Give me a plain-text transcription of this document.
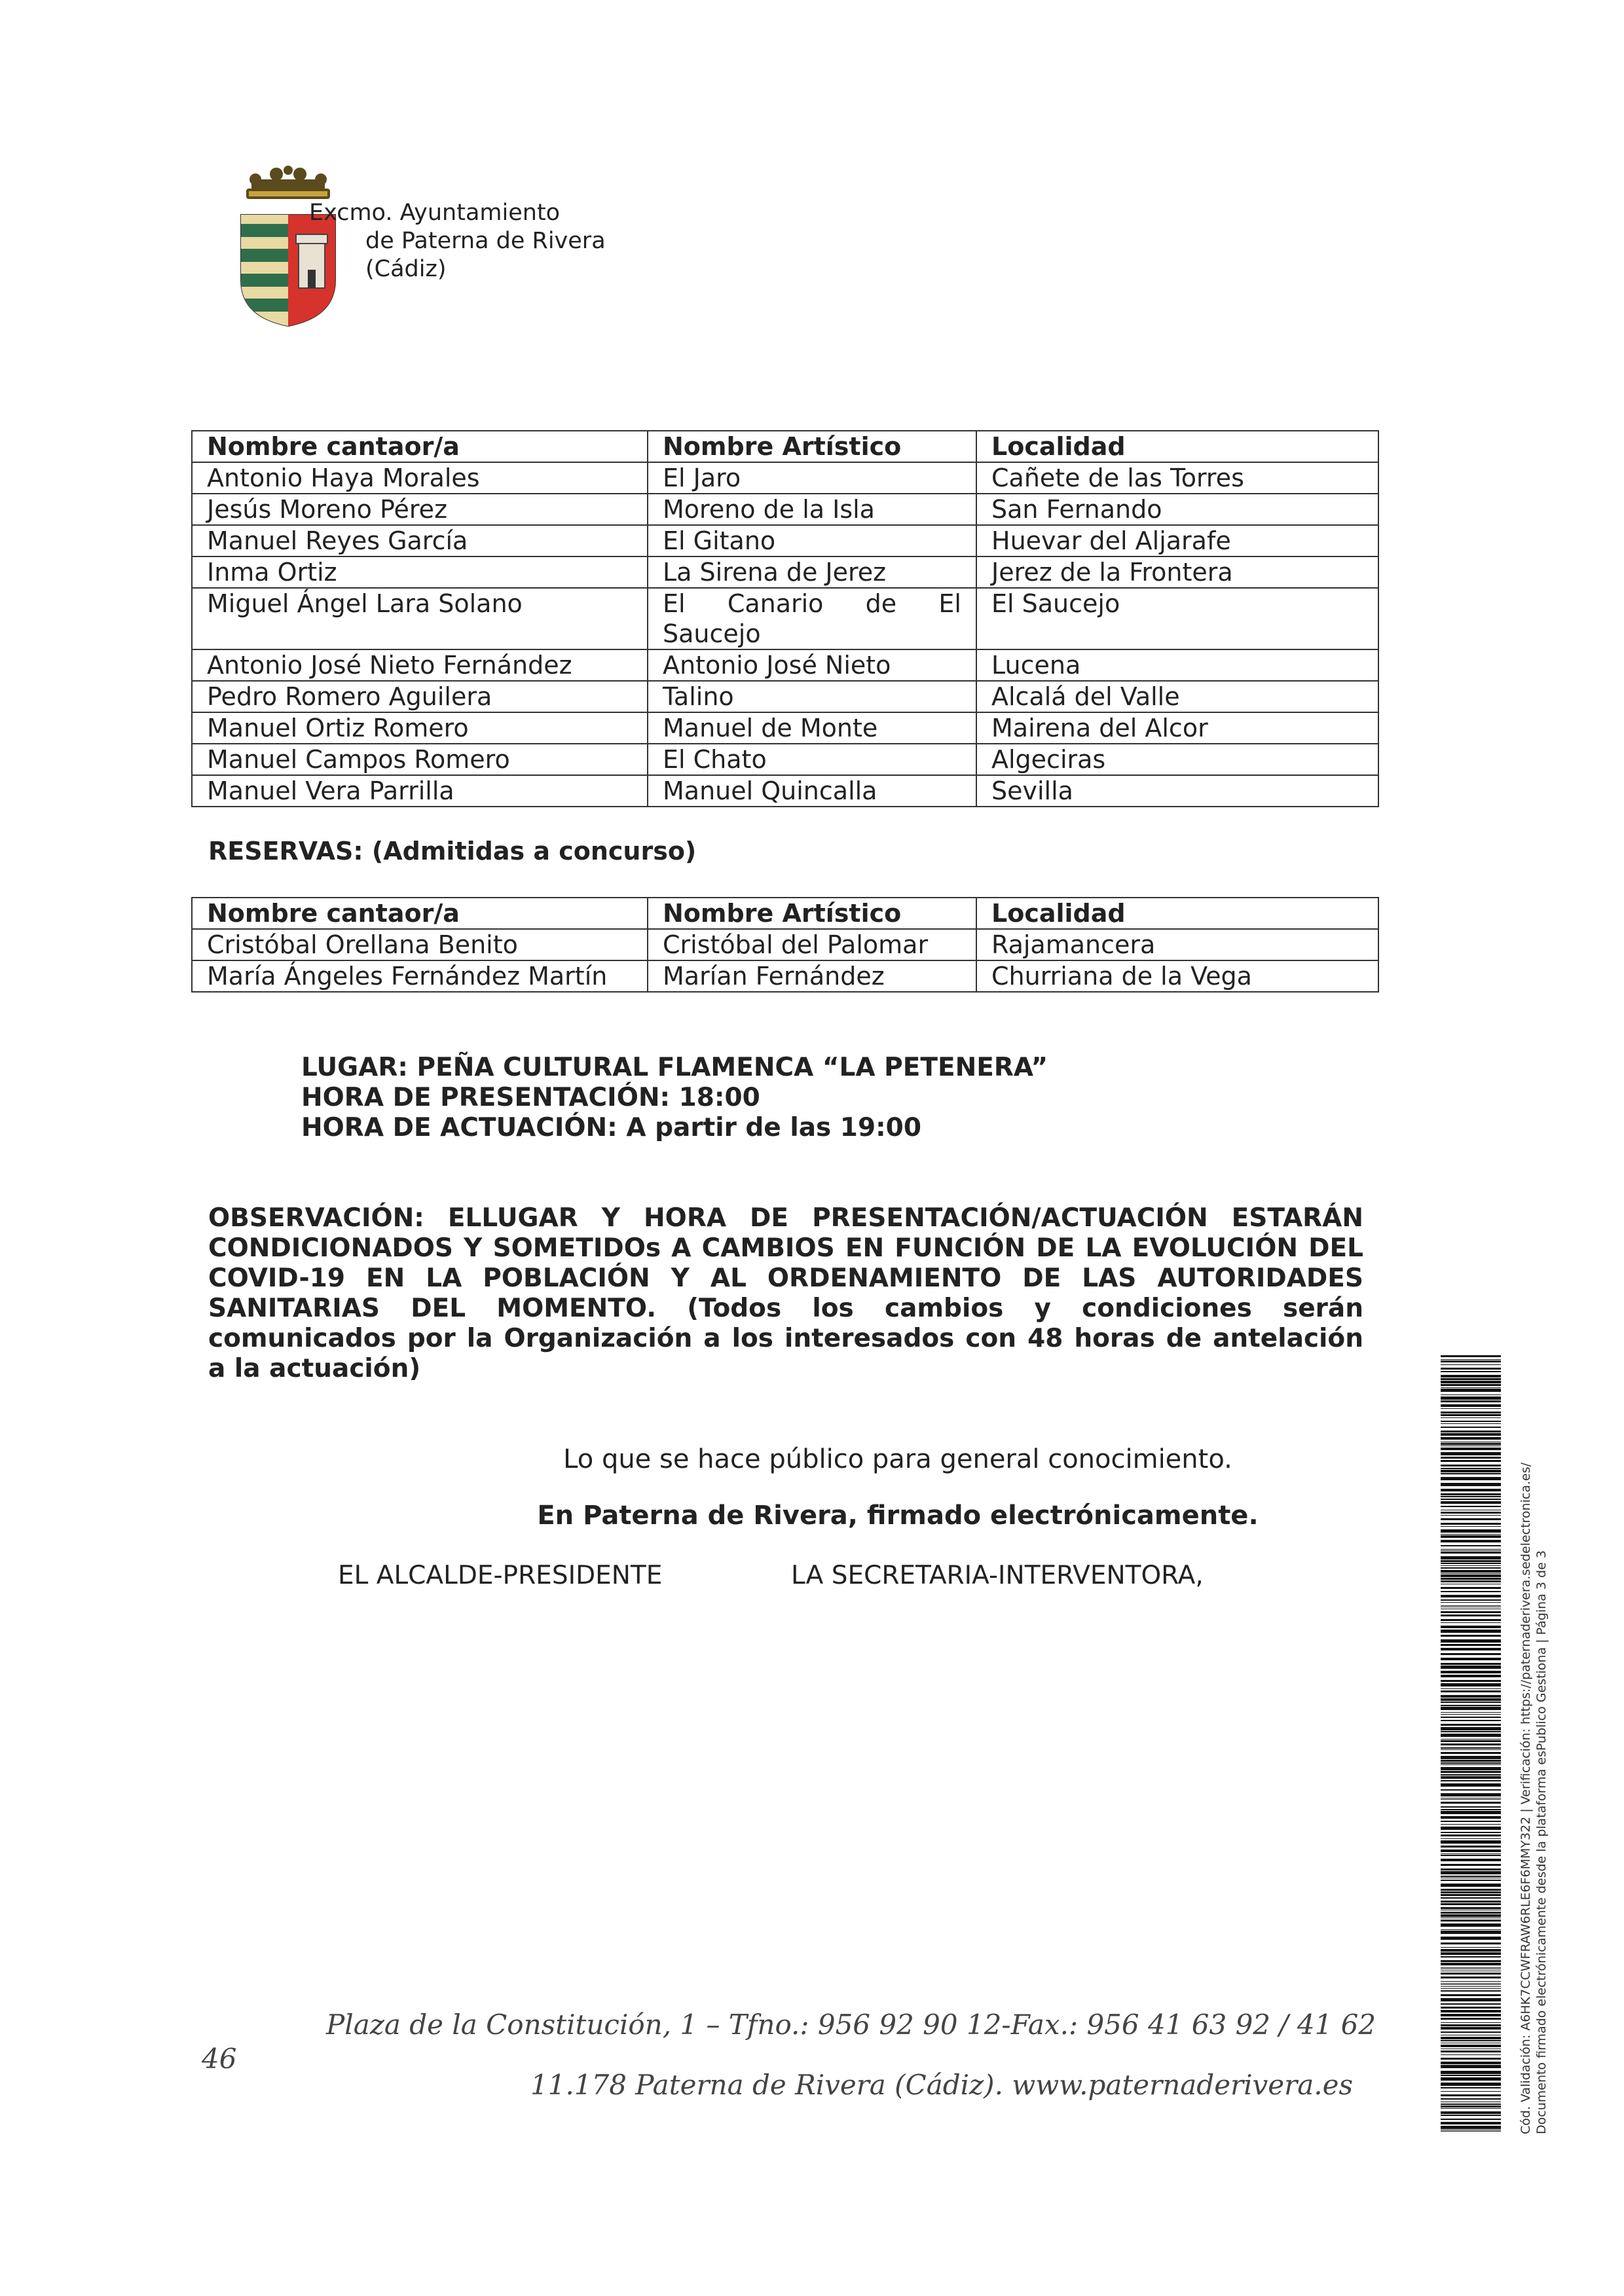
Excmo. Ayuntamiento
de Paterna de Rivera
(Cádiz)
Nombre cantaor/a	Nombre Artístico	Localidad
Antonio Haya Morales	El Jaro	Cañete de las Torres
Jesús Moreno Pérez	Moreno de la Isla	San Fernando
Manuel Reyes García	El Gitano	Huevar del Aljarafe
Inma Ortiz	La Sirena de Jerez	Jerez de la Frontera
Miguel Ángel Lara Solano	El Canario de El Saucejo	El Saucejo
Antonio José Nieto Fernández	Antonio José Nieto	Lucena
Pedro Romero Aguilera	Talino	Alcalá del Valle
Manuel Ortiz Romero	Manuel de Monte	Mairena del Alcor
Manuel Campos Romero	El Chato	Algeciras
Manuel Vera Parrilla	Manuel Quincalla	Sevilla
RESERVAS: (Admitidas a concurso)
Nombre cantaor/a	Nombre Artístico	Localidad
Cristóbal Orellana Benito	Cristóbal del Palomar	Rajamancera
María Ángeles Fernández Martín	Marían Fernández	Churriana de la Vega
LUGAR: PEÑA CULTURAL FLAMENCA “LA PETENERA”
HORA DE PRESENTACIÓN: 18:00
HORA DE ACTUACIÓN: A partir de las 19:00
OBSERVACIÓN: ELLUGAR Y HORA DE PRESENTACIÓN/ACTUACIÓN ESTARÁN CONDICIONADOS Y SOMETIDOs A CAMBIOS EN FUNCIÓN DE LA EVOLUCIÓN DEL COVID-19 EN LA POBLACIÓN Y AL ORDENAMIENTO DE LAS AUTORIDADES SANITARIAS DEL MOMENTO. (Todos los cambios y condiciones serán comunicados por la Organización a los interesados con 48 horas de antelación a la actuación)
Lo que se hace público para general conocimiento.
En Paterna de Rivera, firmado electrónicamente.
EL ALCALDE-PRESIDENTE	LA SECRETARIA-INTERVENTORA,
Plaza de la Constitución, 1 – Tfno.: 956 92 90 12-Fax.: 956 41 63 92 / 41 62
46
11.178 Paterna de Rivera (Cádiz). www.paternaderivera.es	Cód. Validación: A6HK7CCWFRAW6RLE6F6MMY322 | Verificación: https://paternaderivera.sedelectronica.es/ Documento firmado electrónicamente desde la plataforma esPublico Gestiona | Página 3 de 3
